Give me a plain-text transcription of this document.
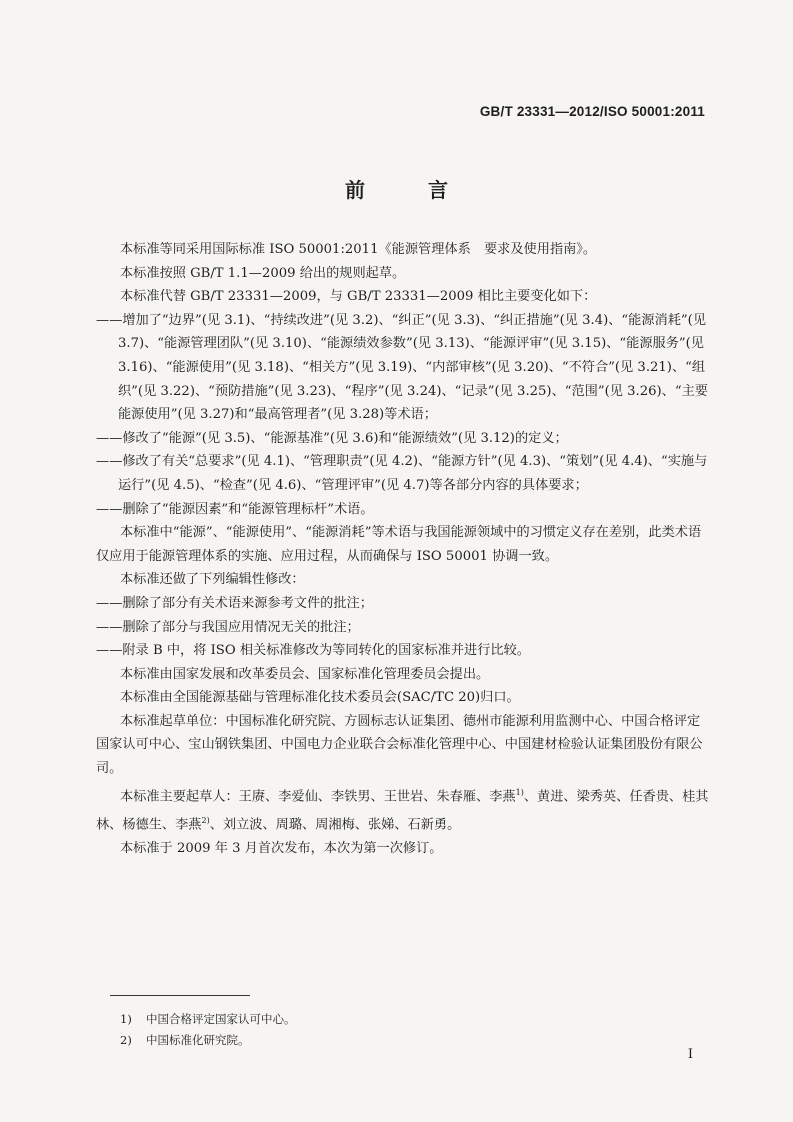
GB/T 23331—2012/ISO 50001:2011
前 言

本标准等同采用国际标准 ISO 50001:2011《能源管理体系　要求及使用指南》。

本标准按照 GB/T 1.1—2009 给出的规则起草。

本标准代替 GB/T 23331—2009，与 GB/T 23331—2009 相比主要变化如下：

——增加了“边界”(见 3.1)、“持续改进”(见 3.2)、“纠正”(见 3.3)、“纠正措施”(见 3.4)、“能源消耗”(见 3.7)、“能源管理团队”(见 3.10)、“能源绩效参数”(见 3.13)、“能源评审”(见 3.15)、“能源服务”(见 3.16)、“能源使用”(见 3.18)、“相关方”(见 3.19)、“内部审核”(见 3.20)、“不符合”(见 3.21)、“组织”(见 3.22)、“预防措施”(见 3.23)、“程序”(见 3.24)、“记录”(见 3.25)、“范围”(见 3.26)、“主要能源使用”(见 3.27)和“最高管理者”(见 3.28)等术语；

——修改了“能源”(见 3.5)、“能源基准”(见 3.6)和“能源绩效”(见 3.12)的定义；

——修改了有关“总要求”(见 4.1)、“管理职责”(见 4.2)、“能源方针”(见 4.3)、“策划”(见 4.4)、“实施与运行”(见 4.5)、“检查”(见 4.6)、“管理评审”(见 4.7)等各部分内容的具体要求；

——删除了“能源因素”和“能源管理标杆”术语。

本标准中“能源”、“能源使用”、“能源消耗”等术语与我国能源领域中的习惯定义存在差别，此类术语仅应用于能源管理体系的实施、应用过程，从而确保与 ISO 50001 协调一致。

本标准还做了下列编辑性修改：

——删除了部分有关术语来源参考文件的批注；

——删除了部分与我国应用情况无关的批注；

——附录 B 中，将 ISO 相关标准修改为等同转化的国家标准并进行比较。

本标准由国家发展和改革委员会、国家标准化管理委员会提出。

本标准由全国能源基础与管理标准化技术委员会(SAC/TC 20)归口。

本标准起草单位：中国标准化研究院、方圆标志认证集团、德州市能源利用监测中心、中国合格评定国家认可中心、宝山钢铁集团、中国电力企业联合会标准化管理中心、中国建材检验认证集团股份有限公司。

本标准主要起草人：王赓、李爱仙、李铁男、王世岩、朱春雁、李燕$^{1)}$、黄进、梁秀英、任香贵、桂其林、杨德生、李燕$^{2)}$、刘立波、周璐、周湘梅、张娣、石新勇。

本标准于 2009 年 3 月首次发布，本次为第一次修订。

1) 中国合格评定国家认可中心。
2) 中国标准化研究院。
I
